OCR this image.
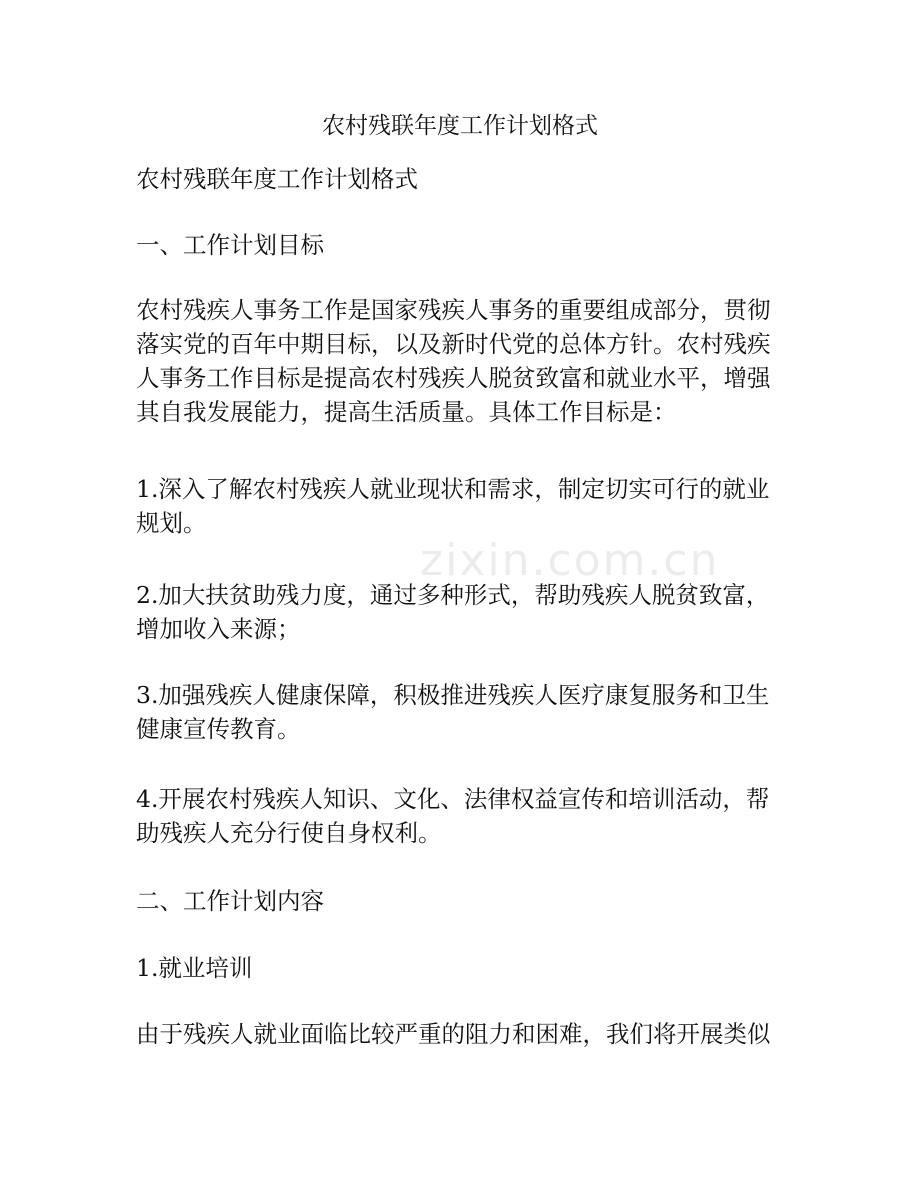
农村残联年度工作计划格式
农村残联年度工作计划格式
一、工作计划目标
农村残疾人事务工作是国家残疾人事务的重要组成部分，贯彻
落实党的百年中期目标，以及新时代党的总体方针。农村残疾
人事务工作目标是提高农村残疾人脱贫致富和就业水平，增强
其自我发展能力，提高生活质量。具体工作目标是：
1.深入了解农村残疾人就业现状和需求，制定切实可行的就业
规划。
2.加大扶贫助残力度，通过多种形式，帮助残疾人脱贫致富，
增加收入来源；
3.加强残疾人健康保障，积极推进残疾人医疗康复服务和卫生
健康宣传教育。
4.开展农村残疾人知识、文化、法律权益宣传和培训活动，帮
助残疾人充分行使自身权利。
二、工作计划内容
1.就业培训
由于残疾人就业面临比较严重的阻力和困难，我们将开展类似
zixin.com.cn
